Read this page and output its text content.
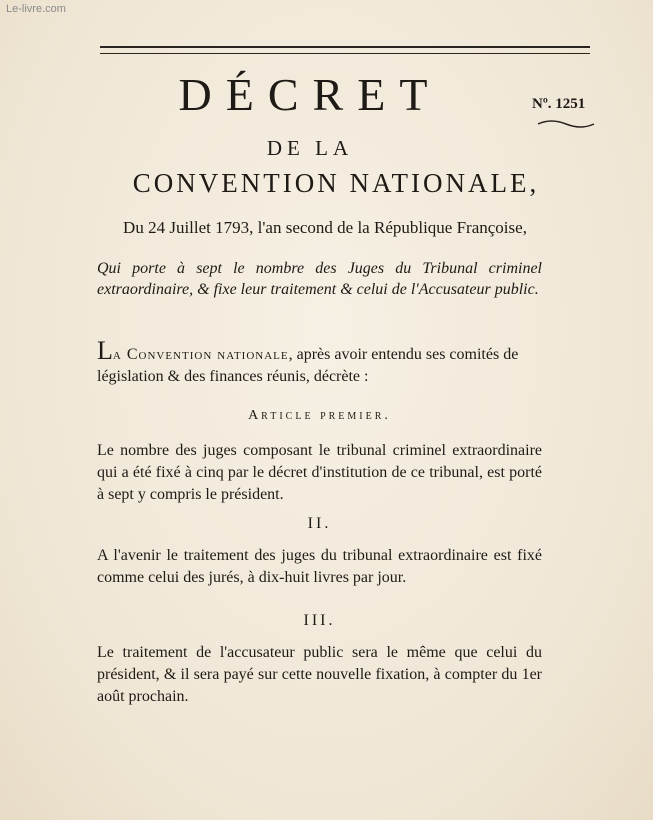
Le-livre.com
DÉCRET	Nº. 1251
DE LA
CONVENTION NATIONALE,
Du 24 Juillet 1793, l'an second de la République Françoise,
Qui porte à sept le nombre des Juges du Tribunal criminel extraordinaire, & fixe leur traitement & celui de l'Accusateur public.
La Convention nationale, après avoir entendu ses comités de législation & des finances réunis, décrète :
Article premier.
Le nombre des juges composant le tribunal criminel extraordinaire qui a été fixé à cinq par le décret d'institution de ce tribunal, est porté à sept y compris le président.
II.
A l'avenir le traitement des juges du tribunal extraordinaire est fixé comme celui des jurés, à dix-huit livres par jour.
III.
Le traitement de l'accusateur public sera le même que celui du président, & il sera payé sur cette nouvelle fixation, à compter du 1er août prochain.
